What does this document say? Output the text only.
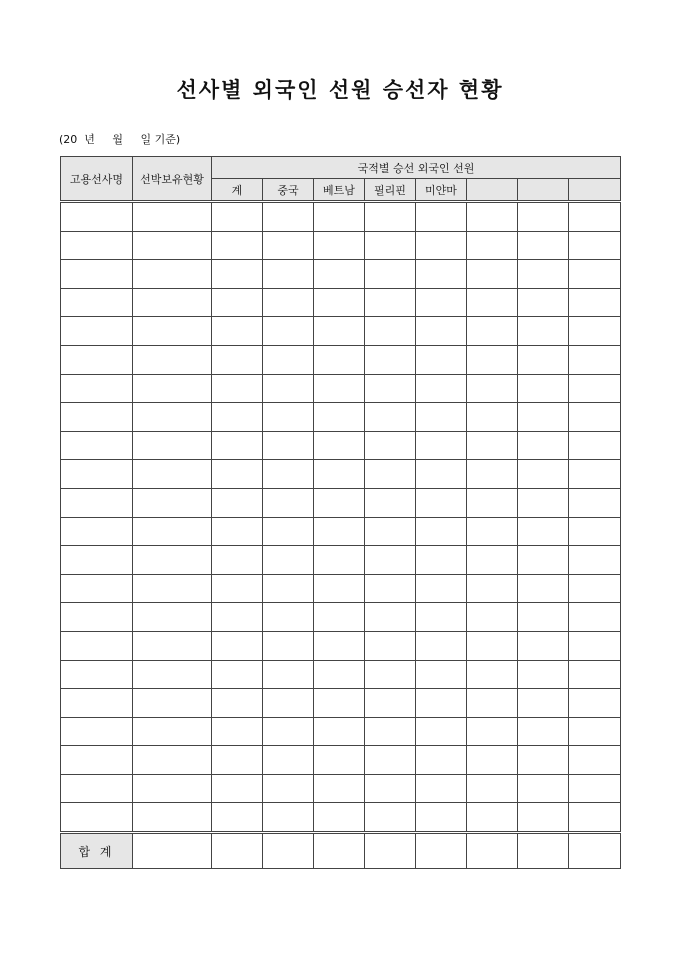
선사별 외국인 선원 승선자 현황
(20  년     월     일 기준)
고용선사명	선박보유현황	국적별 승선 외국인 선원							
		계	중국	베트남	필리핀	미얀마			

합 계									
